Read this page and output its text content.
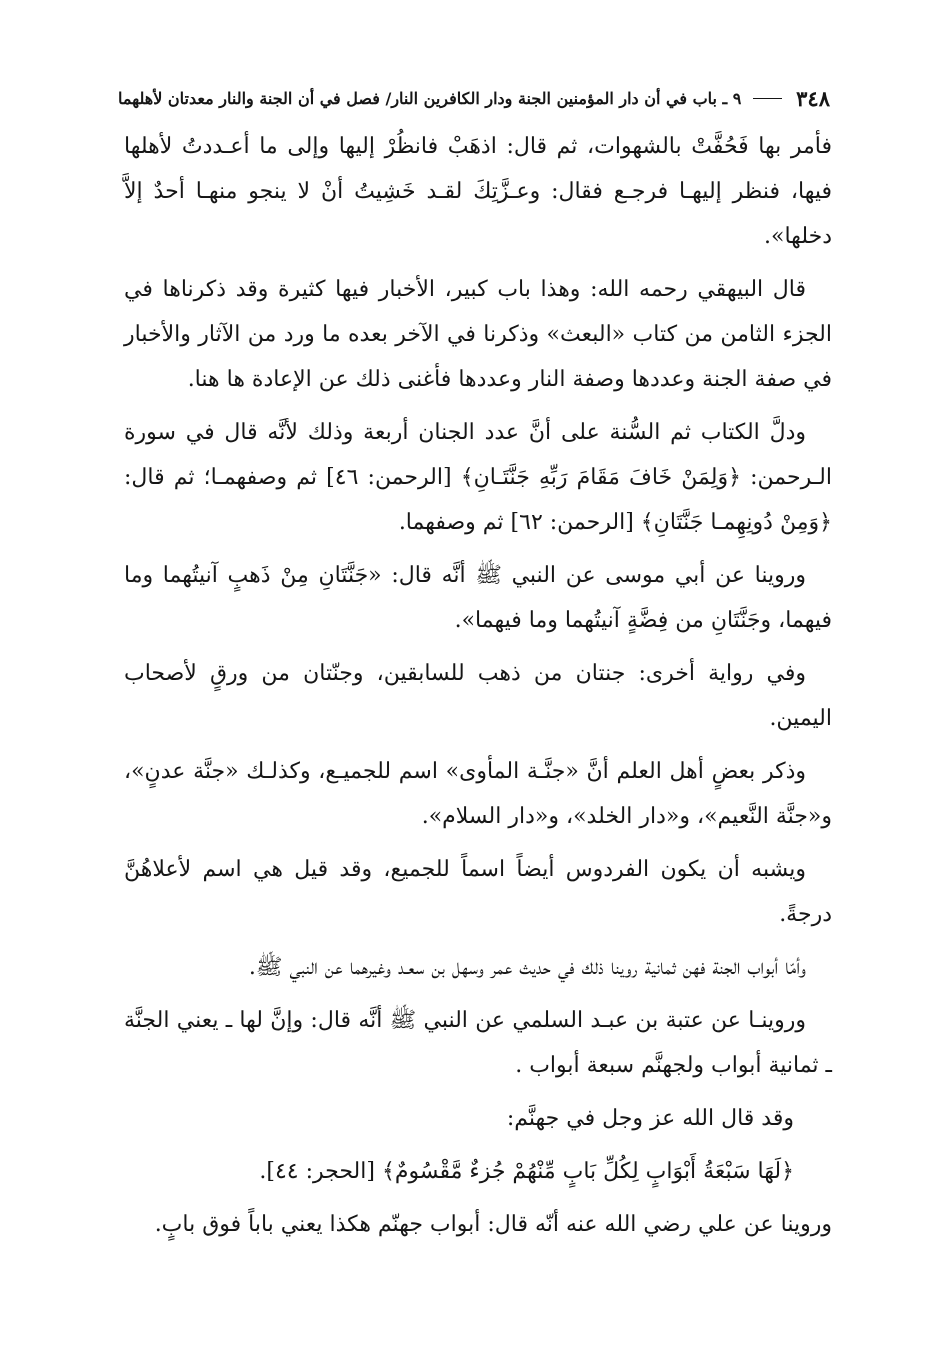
٣٤٨
٩ ـ باب في أن دار المؤمنين الجنة ودار الكافرين النار/ فصل في أن الجنة والنار معدتان لأهلهما

فأمر بها فَحُفَّتْ بالشهوات، ثم قال: اذهَبْ فانظُرْ إليها وإلى ما أعـددتُ لأهلها فيها، فنظر إليهـا فرجـع فقال: وعـزَّتِكَ لقـد خَشِيتُ أنْ لا ينجو منهـا أحدٌ إلاَّ دخلها».

قال البيهقي رحمه الله: وهذا باب كبير، الأخبار فيها كثيرة وقد ذكرناها في الجزء الثامن من كتاب «البعث» وذكرنا في الآخر بعده ما ورد من الآثار والأخبار في صفة الجنة وعددها وصفة النار وعددها فأغنى ذلك عن الإعادة ها هنا.

ودلَّ الكتاب ثم السُّنة على أنَّ عدد الجنان أربعة وذلك لأنَّه قال في سورة الـرحمن: ﴿وَلِمَنْ خَافَ مَقَامَ رَبِّهِ جَنَّتَـانِ﴾ [الرحمن: ٤٦] ثم وصفهمـا؛ ثم قال: ﴿وَمِنْ دُونِهِمـا جَنَّتَانِ﴾ [الرحمن: ٦٢] ثم وصفهما.

وروينا عن أبي موسى عن النبي ﷺ أنَّه قال: «جَنَّتَانِ مِنْ ذَهبٍ آنيتُهما وما فيهما، وجَنَّتَانِ من فِضَّةٍ آنيتُهما وما فيهما».

وفي رواية أخرى: جنتان من ذهب للسابقين، وجنّتان من ورقٍ لأصحاب اليمين.

وذكر بعضٍ أهل العلم أنَّ «جنَّـة المأوى» اسم للجميـع، وكذلـك «جنَّة عدنٍ»، و«جنَّة النَّعيم»، و«دار الخلد»، و«دار السلام».

ويشبه أن يكون الفردوس أيضاً اسماً للجميع، وقد قيل هي اسم لأعلاهُنَّ درجةً.

وأمّا أبواب الجنة فهن ثمانية روينا ذلك في حديث عمر وسهل بن سعـد وغيرهما عن النبي ﷺ.

وروينـا عن عتبة بن عبـد السلمي عن النبي ﷺ أنَّه قال: وإنَّ لها ـ يعني الجنَّة ـ ثمانية أبواب ولجهنَّم سبعة أبواب .

وقد قال الله عز وجل في جهنَّم:

﴿لَهَا سَبْعَةُ أَبْوَابٍ لِكُلِّ بَابٍ مِّنْهُمْ جُزءٌ مَّقْسُومٌ﴾ [الحجر: ٤٤].

وروينا عن علي رضي الله عنه أنّه قال: أبواب جهنّم هكذا يعني باباً فوق بابٍ.
